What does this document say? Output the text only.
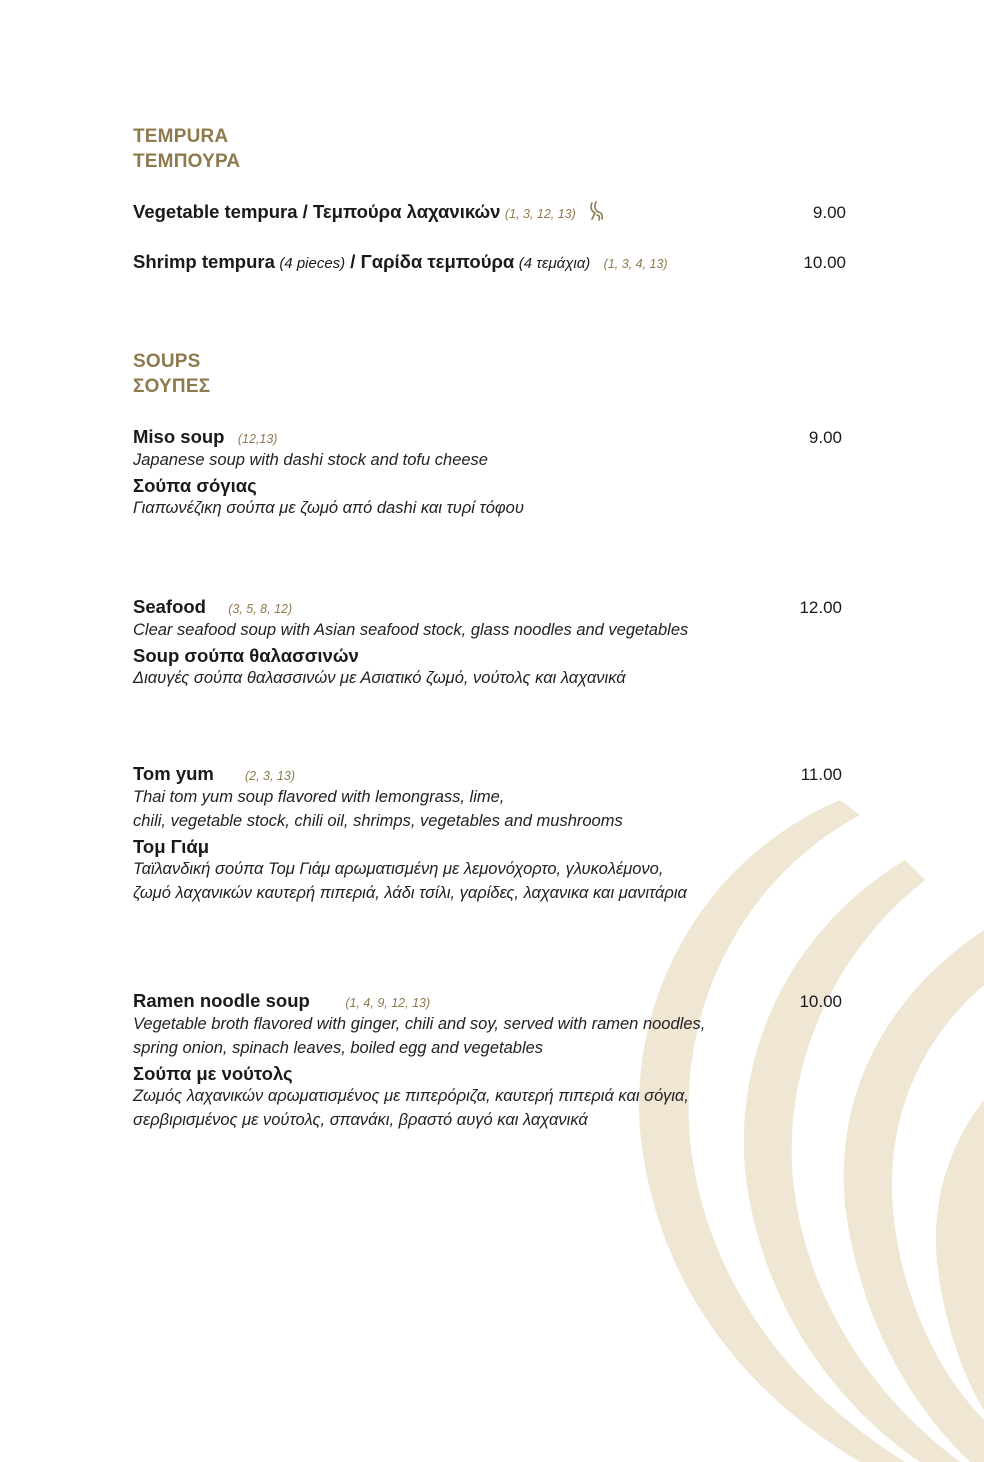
TEMPURA
ΤΕΜΠΟΥΡΑ
Vegetable tempura / Τεμπούρα λαχανικών (1, 3, 12, 13)	9.00
Shrimp tempura (4 pieces) / Γαρίδα τεμπούρα (4 τεμάχια) (1, 3, 4, 13)	10.00
SOUPS
ΣΟΥΠΕΣ
Miso soup (12,13)	9.00
Japanese soup with dashi stock and tofu cheese
Σούπα σόγιας
Γιαπωνέζικη σούπα με ζωμό από dashi και τυρί τόφου
Seafood (3, 5, 8, 12)	12.00
Clear seafood soup with Asian seafood stock, glass noodles and vegetables
Soup σούπα θαλασσινών
Διαυγές σούπα θαλασσινών με Ασιατικό ζωμό, νούτολς και λαχανικά
Tom yum (2, 3, 13)	11.00
Thai tom yum soup flavored with lemongrass, lime,
chili, vegetable stock, chili oil, shrimps, vegetables and mushrooms
Τομ Γιάμ
Ταϊλανδική σούπα Τομ Γιάμ αρωματισμένη με λεμονόχορτο, γλυκολέμονο,
ζωμό λαχανικών καυτερή πιπεριά, λάδι τσίλι, γαρίδες, λαχανικα και μανιτάρια
Ramen noodle soup	(1, 4, 9, 12, 13)	10.00
Vegetable broth flavored with ginger, chili and soy, served with ramen noodles,
spring onion, spinach leaves, boiled egg and vegetables
Σούπα με νούτολς
Ζωμός λαχανικών αρωματισμένος με πιπερόριζα, καυτερή πιπεριά και σόγια,
σερβιρισμένος με νούτολς, σπανάκι, βραστό αυγό και λαχανικά
